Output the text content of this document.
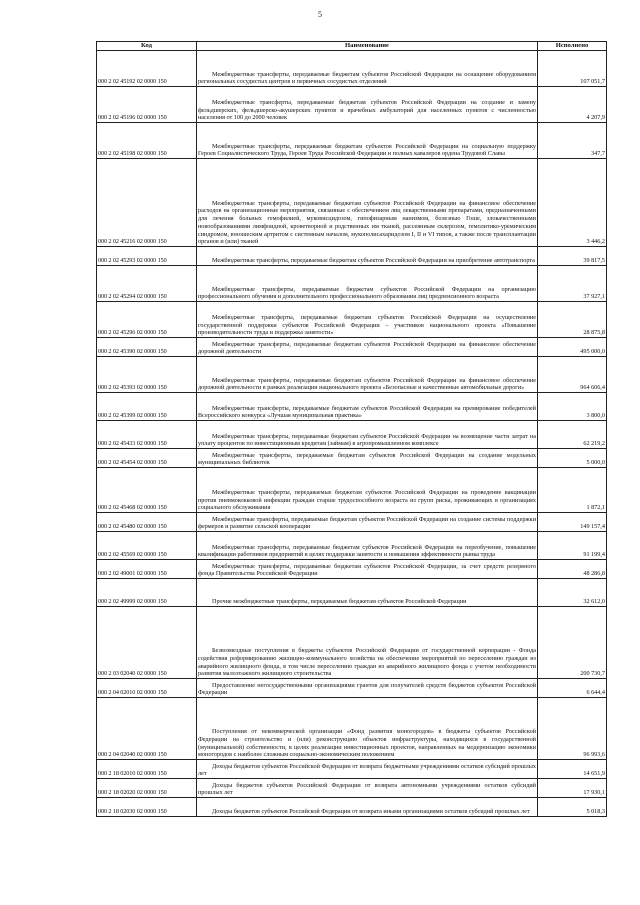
5
Код	Наименование	Исполнено
000 2 02 45192 02 0000 150	Межбюджетные трансферты, передаваемые бюджетам субъектов Российской Федерации на оснащение оборудованием региональных сосудистых центров и первичных сосудистых отделений	107 051,7
000 2 02 45196 02 0000 150	Межбюджетные трансферты, передаваемые бюджетам субъектов Российской Федерации на создание и замену фельдшерских, фельдшерско-акушерских пунктов и врачебных амбулаторий для населенных пунктов с численностью населения от 100 до 2000 человек	4 207,9
000 2 02 45198 02 0000 150	Межбюджетные трансферты, передаваемые бюджетам субъектов Российской Федерации на социальную поддержку Героев Социалистического Труда, Героев Труда Российской Федерации и полных кавалеров ордена Трудовой Славы	347,7
000 2 02 45216 02 0000 150	Межбюджетные трансферты, передаваемые бюджетам субъектов Российской Федерации на финансовое обеспечение расходов на организационные мероприятия, связанные с обеспечением лиц лекарственными препаратами, предназначенными для лечения больных гемофилией, муковисцидозом, гипофизарным нанизмом, болезнью Гоше, злокачественными новообразованиями лимфоидной, кроветворной и родственных им тканей, рассеянным склерозом, гемолитико-уремическим синдромом, юношеским артритом с системным началом, мукополисахаридозом I, II и VI типов, а также после трансплантации органов и (или) тканей	3 446,2
000 2 02 45293 02 0000 150	Межбюджетные трансферты, передаваемые бюджетам субъектов Российской Федерации на приобретение автотранспорта	39 817,5
000 2 02 45294 02 0000 150	Межбюджетные трансферты, передаваемые бюджетам субъектов Российской Федерации на организацию профессионального обучения и дополнительного профессионального образования лиц предпенсионного возраста	37 927,1
000 2 02 45296 02 0000 150	Межбюджетные трансферты, передаваемые бюджетам субъектов Российской Федерации на осуществление государственной поддержки субъектов Российской Федерации – участников национального проекта «Повышение производительности труда и поддержка занятости»	28 875,8
000 2 02 45390 02 0000 150	Межбюджетные трансферты, передаваемые бюджетам субъектов Российской Федерации на финансовое обеспечение дорожной деятельности	495 000,0
000 2 02 45393 02 0000 150	Межбюджетные трансферты, передаваемые бюджетам субъектов Российской Федерации на финансовое обеспечение дорожной деятельности в рамках реализации национального проекта «Безопасные и качественные автомобильные дороги»	964 606,4
000 2 02 45399 02 0000 150	Межбюджетные трансферты, передаваемые бюджетам субъектов Российской Федерации на премирование победителей Всероссийского конкурса «Лучшая муниципальная практика»	3 800,0
000 2 02 45433 02 0000 150	Межбюджетные трансферты, передаваемые бюджетам субъектов Российской Федерации на возмещение части затрат на уплату процентов по инвестиционным кредитам (займам) в агропромышленном комплексе	62 219,2
000 2 02 45454 02 0000 150	Межбюджетные трансферты, передаваемые бюджетам субъектов Российской Федерации на создание модельных муниципальных библиотек	5 000,0
000 2 02 45468 02 0000 150	Межбюджетные трансферты, передаваемые бюджетам субъектов Российской Федерации на проведение вакцинации против пневмококковой инфекции граждан старше трудоспособного возраста из групп риска, проживающих в организациях социального обслуживания	1 872,1
000 2 02 45480 02 0000 150	Межбюджетные трансферты, передаваемые бюджетам субъектов Российской Федерации на создание системы поддержки фермеров и развитие сельской кооперации	149 157,4
000 2 02 45569 02 0000 150	Межбюджетные трансферты, передаваемые бюджетам субъектов Российской Федерации на переобучение, повышение квалификации работников предприятий в целях поддержки занятости и повышения эффективности рынка труда	91 199,4
000 2 02 49001 02 0000 150	Межбюджетные трансферты, передаваемые бюджетам субъектов Российской Федерации, за счет средств резервного фонда Правительства Российской Федерации	48 286,8
000 2 02 49999 02 0000 150	Прочие межбюджетные трансферты, передаваемые бюджетам субъектов Российской Федерации	32 612,0
000 2 03 02040 02 0000 150	Безвозмездные поступления в бюджеты субъектов Российской Федерации от государственной корпорации - Фонда содействия реформированию жилищно-коммунального хозяйства на обеспечение мероприятий по переселению граждан из аварийного жилищного фонда, в том числе переселению граждан из аварийного жилищного фонда с учетом необходимости развития малоэтажного жилищного строительства	200 730,7
000 2 04 02010 02 0000 150	Предоставление негосударственными организациями грантов для получателей средств бюджетов субъектов Российской Федерации	6 644,4
000 2 04 02040 02 0000 150	Поступления от некоммерческой организации «Фонд развития моногородов» в бюджеты субъектов Российской Федерации на строительство и (или) реконструкцию объектов инфраструктуры, находящихся в государственной (муниципальной) собственности, в целях реализации инвестиционных проектов, направленных на модернизацию экономики моногородов с наиболее сложным социально-экономическим положением	96 993,6
000 2 18 02010 02 0000 150	Доходы бюджетов субъектов Российской Федерации от возврата бюджетными учреждениями остатков субсидий прошлых лет	14 651,9
000 2 18 02020 02 0000 150	Доходы бюджетов субъектов Российской Федерации от возврата автономными учреждениями остатков субсидий прошлых лет	17 930,1
000 2 18 02030 02 0000 150	Доходы бюджетов субъектов Российской Федерации от возврата иными организациями остатков субсидий прошлых лет	5 018,3
